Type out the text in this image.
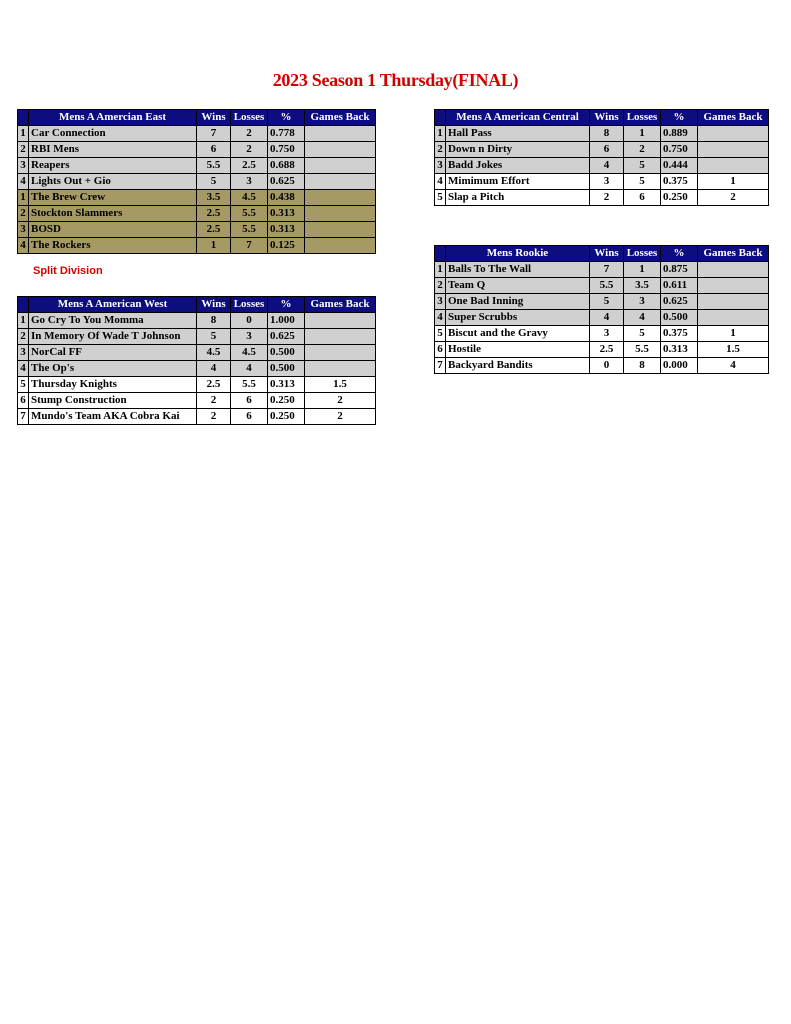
2023 Season 1 Thursday(FINAL)
Split Division
	Mens A Amercian East	Wins	Losses	%	Games Back
1	Car Connection	7	2	0.778	
2	RBI Mens	6	2	0.750	
3	Reapers	5.5	2.5	0.688	
4	Lights Out + Gio	5	3	0.625	
1	The Brew Crew	3.5	4.5	0.438	
2	Stockton Slammers	2.5	5.5	0.313	
3	BOSD	2.5	5.5	0.313	
4	The Rockers	1	7	0.125	
	Mens A American West	Wins	Losses	%	Games Back
1	Go Cry To You Momma	8	0	1.000	
2	In Memory Of Wade T Johnson	5	3	0.625	
3	NorCal FF	4.5	4.5	0.500	
4	The Op's	4	4	0.500	
5	Thursday Knights	2.5	5.5	0.313	1.5
6	Stump Construction	2	6	0.250	2
7	Mundo's Team AKA Cobra Kai	2	6	0.250	2
	Mens A American Central	Wins	Losses	%	Games Back
1	Hall Pass	8	1	0.889	
2	Down n Dirty	6	2	0.750	
3	Badd Jokes	4	5	0.444	
4	Mimimum Effort	3	5	0.375	1
5	Slap a Pitch	2	6	0.250	2
	Mens Rookie	Wins	Losses	%	Games Back
1	Balls To The Wall	7	1	0.875	
2	Team Q	5.5	3.5	0.611	
3	One Bad Inning	5	3	0.625	
4	Super Scrubbs	4	4	0.500	
5	Biscut and the Gravy	3	5	0.375	1
6	Hostile	2.5	5.5	0.313	1.5
7	Backyard Bandits	0	8	0.000	4
